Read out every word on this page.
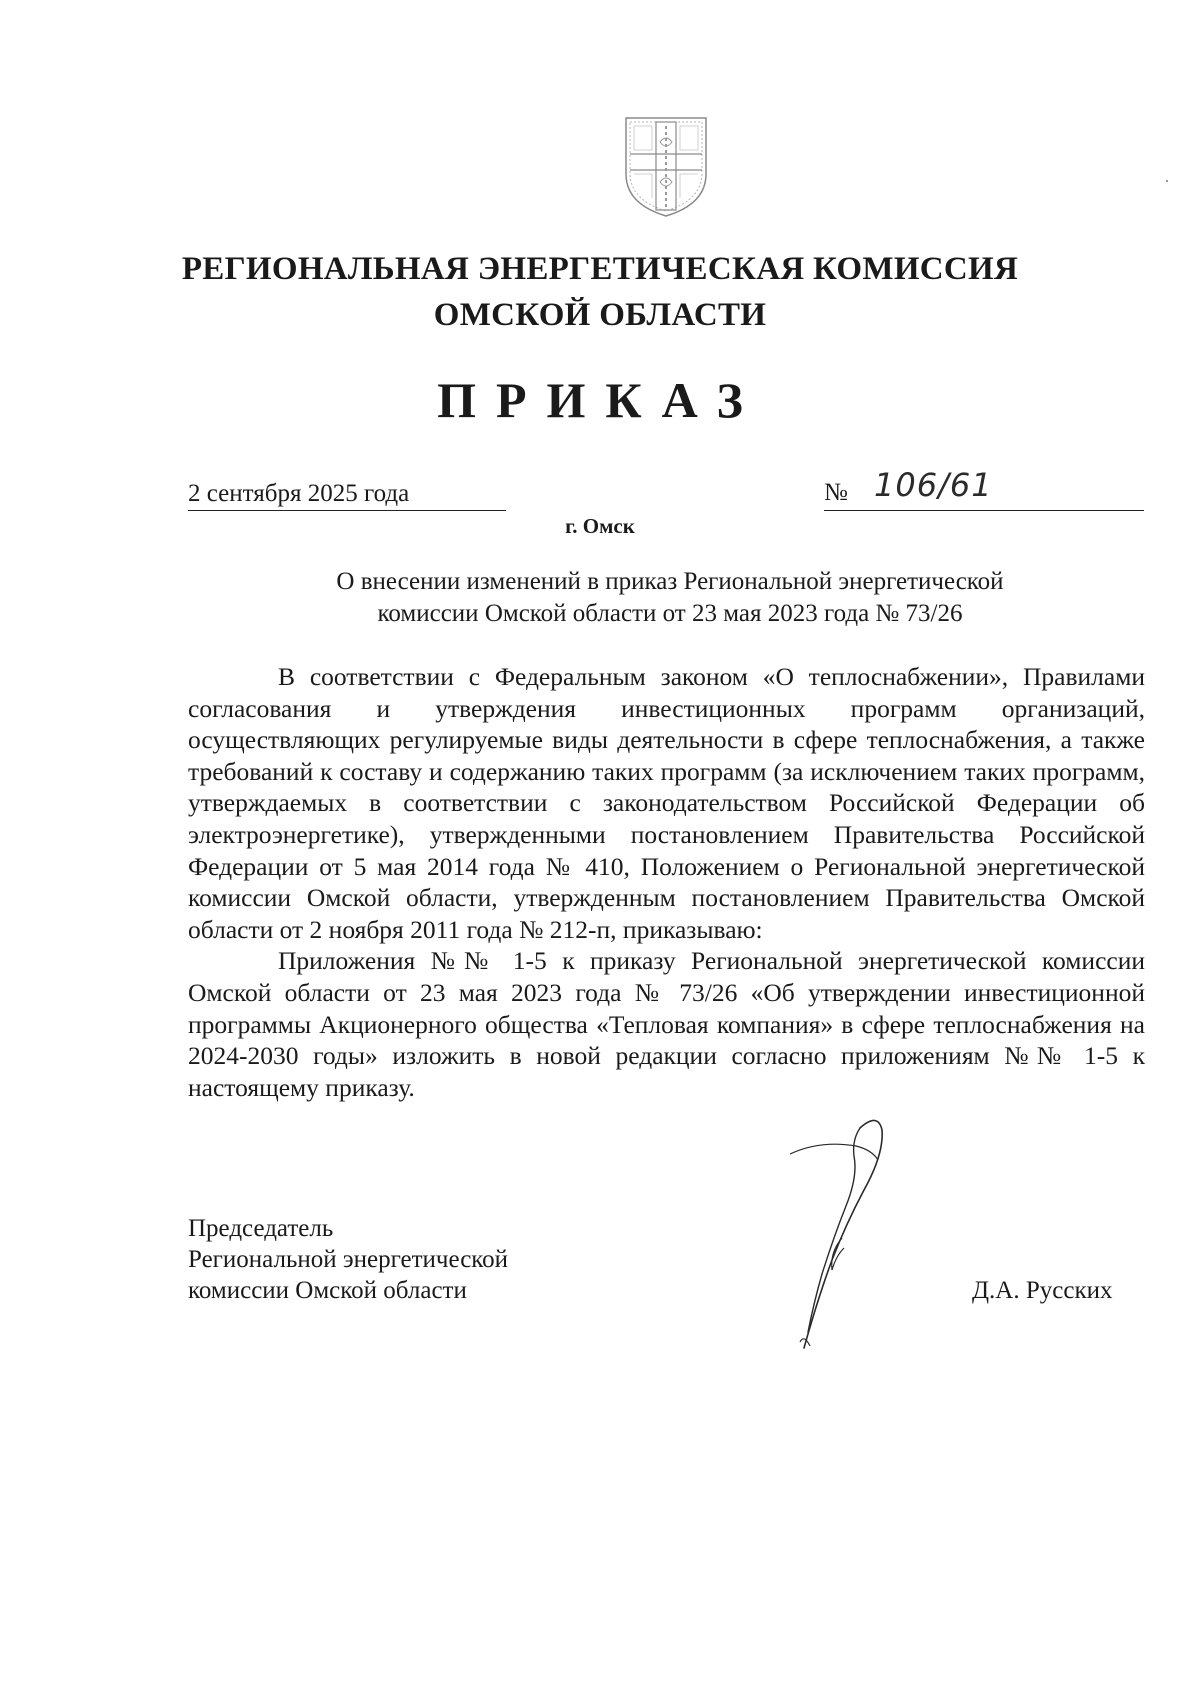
РЕГИОНАЛЬНАЯ ЭНЕРГЕТИЧЕСКАЯ КОМИССИЯ
ОМСКОЙ ОБЛАСТИ
ПРИКАЗ
2 сентября 2025 года	№ 106/61
г. Омск
О внесении изменений в приказ Региональной энергетической
комиссии Омской области от 23 мая 2023 года № 73/26

В соответствии с Федеральным законом «О теплоснабжении», Правилами согласования и утверждения инвестиционных программ организаций, осуществляющих регулируемые виды деятельности в сфере теплоснабжения, а также требований к составу и содержанию таких программ (за исключением таких программ, утверждаемых в соответствии с законодательством Российской Федерации об электроэнергетике), утвержденными постановлением Правительства Российской Федерации от 5 мая 2014 года № 410, Положением о Региональной энергетической комиссии Омской области, утвержденным постановлением Правительства Омской области от 2 ноября 2011 года № 212-п, приказываю:

Приложения №№ 1-5 к приказу Региональной энергетической комиссии Омской области от 23 мая 2023 года № 73/26 «Об утверждении инвестиционной программы Акционерного общества «Тепловая компания» в сфере теплоснабжения на 2024-2030 годы» изложить в новой редакции согласно приложениям №№ 1-5 к настоящему приказу.

Председатель
Региональной энергетической
комиссии Омской области	Д.А. Русских
